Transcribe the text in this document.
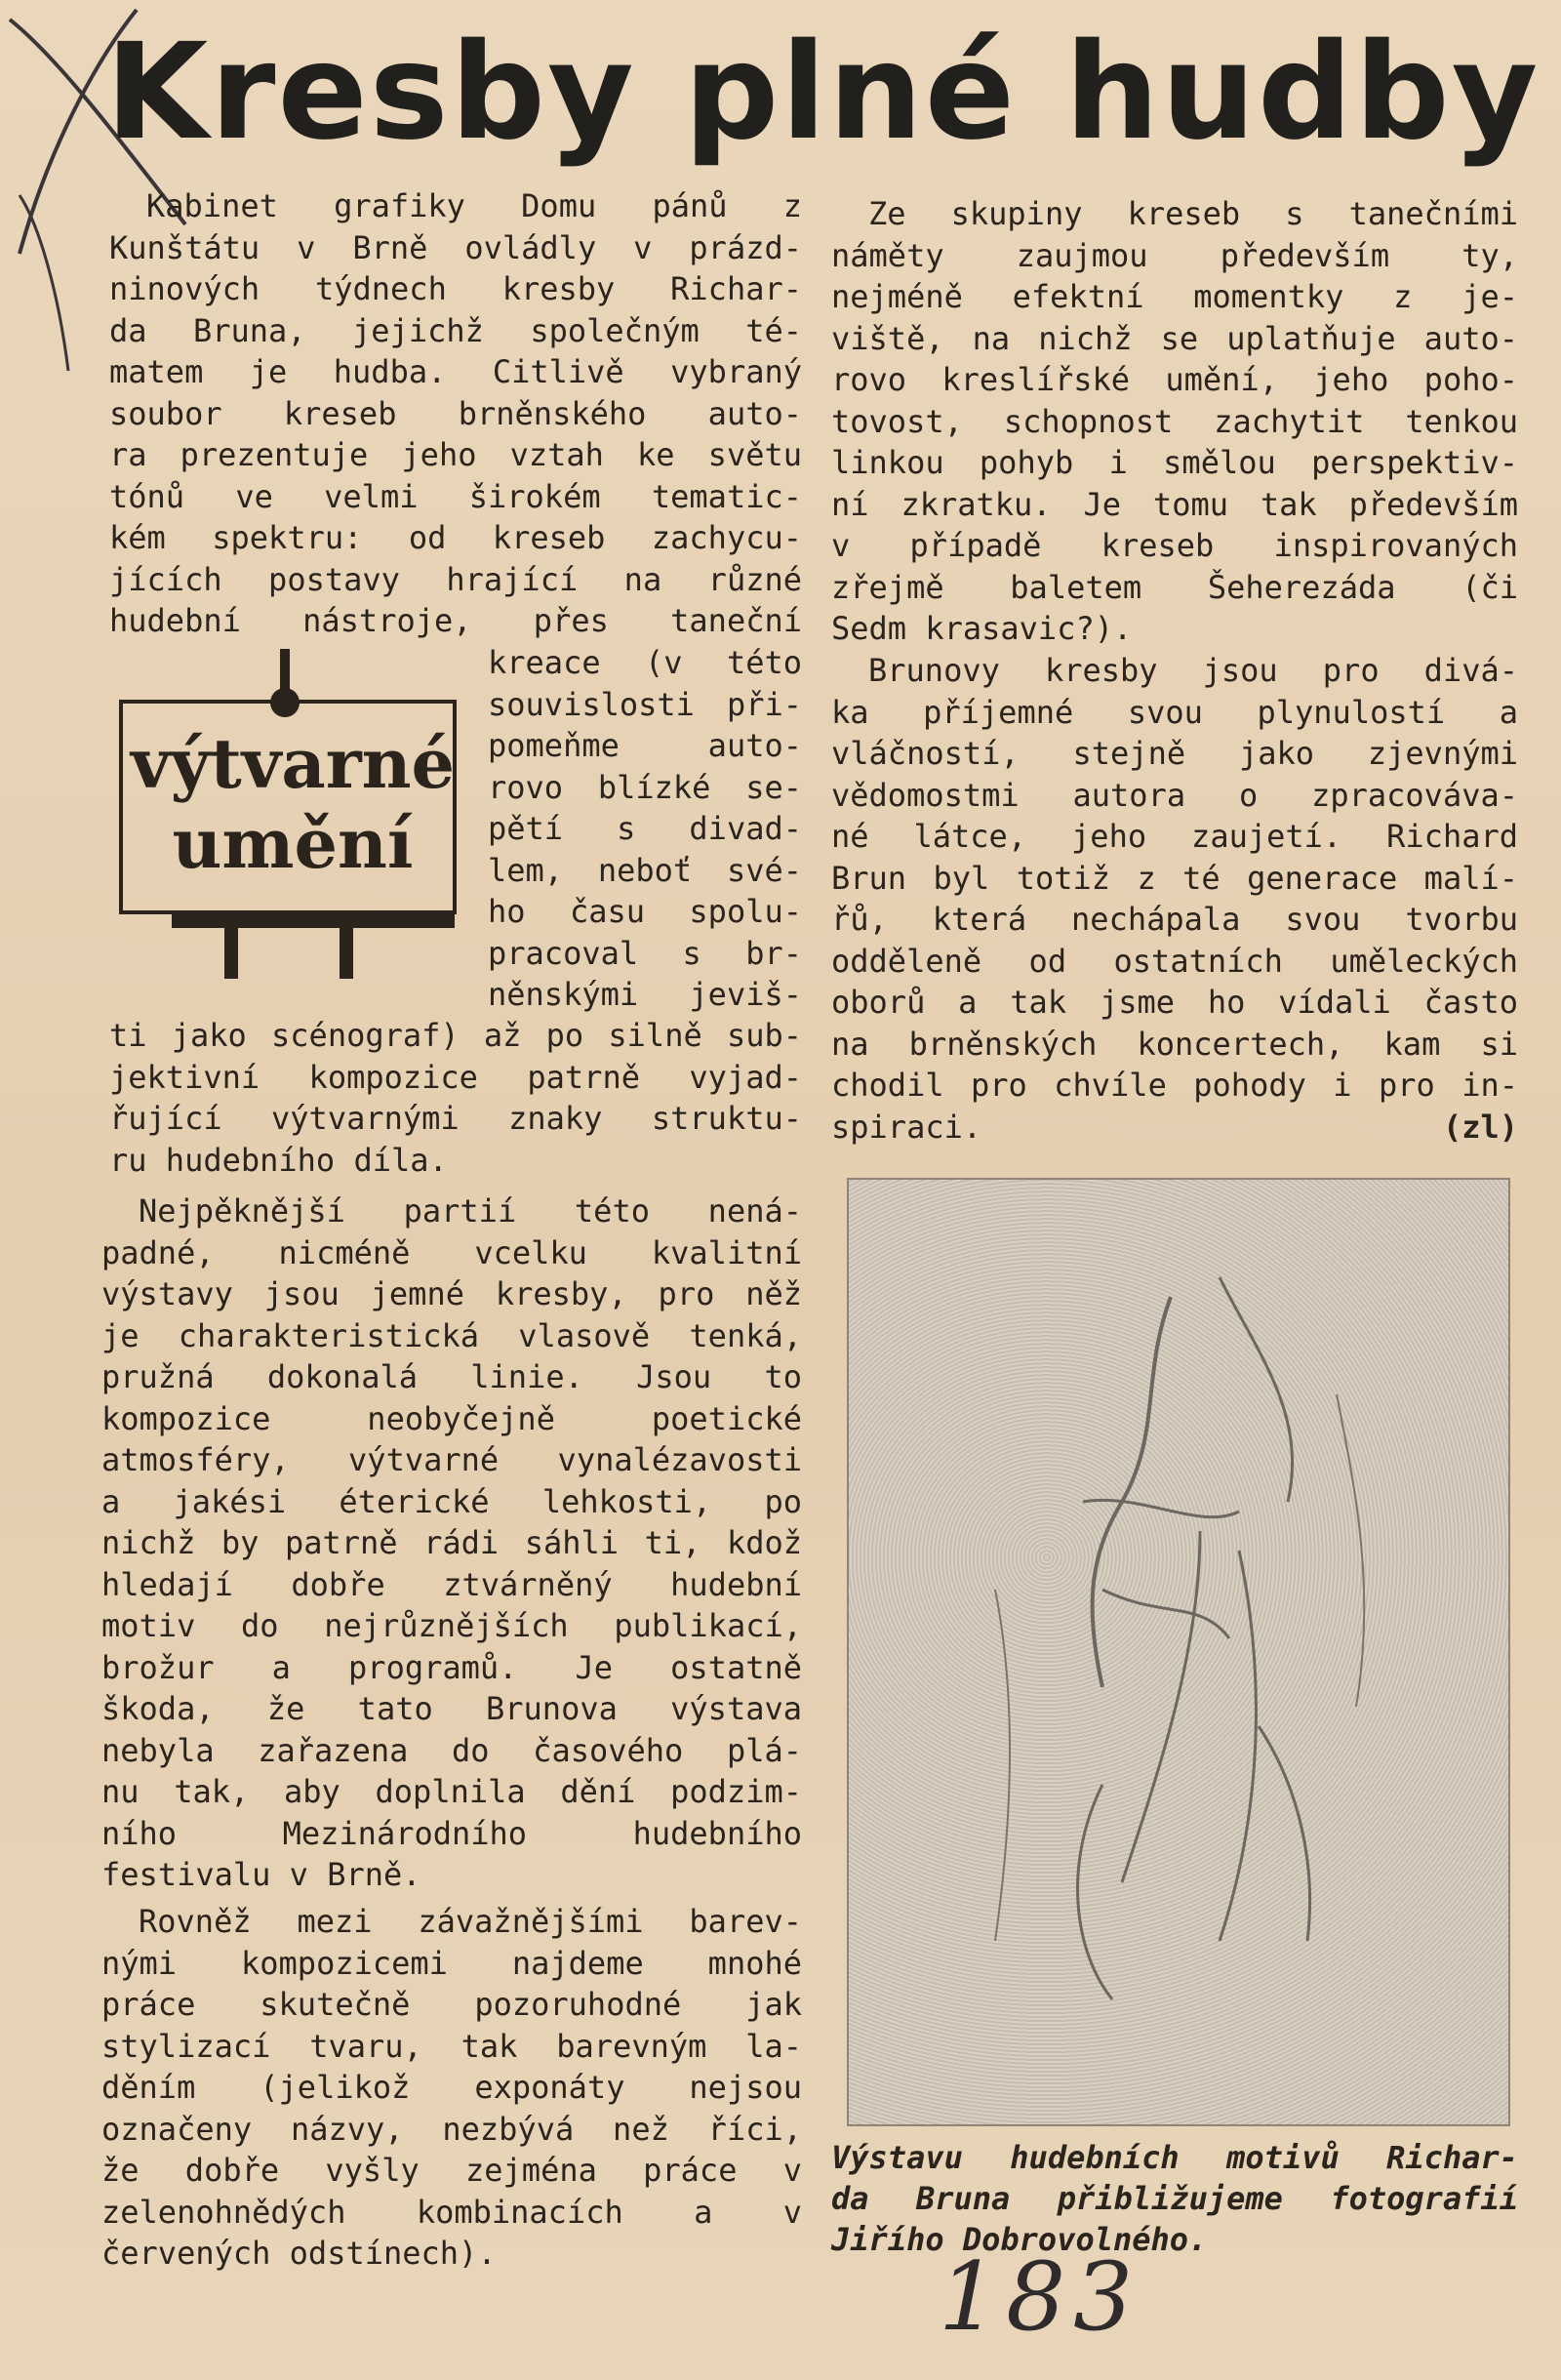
Kresby plné hudby

Kabinet grafiky Domu pánů z

Kunštátu v Brně ovládly v prázd-

ninových týdnech kresby Richar-

da Bruna, jejichž společným té-

matem je hudba. Citlivě vybraný

soubor kreseb brněnského auto-

ra prezentuje jeho vztah ke světu

tónů ve velmi širokém tematic-

kém spektru: od kreseb zachycu-

jících postavy hrající na různé

hudební nástroje, přes taneční

výtvarné
umění

kreace (v této

souvislosti při-

pomeňme auto-

rovo blízké se-

pětí s divad-

lem, neboť své-

ho času spolu-

pracoval s br-

něnskými jeviš-

ti jako scénograf) až po silně sub-

jektivní kompozice patrně vyjad-

řující výtvarnými znaky struktu-

ru hudebního díla.

Nejpěknější partií této nená-

padné, nicméně vcelku kvalitní

výstavy jsou jemné kresby, pro něž

je charakteristická vlasově tenká,

pružná dokonalá linie. Jsou to

kompozice neobyčejně poetické

atmosféry, výtvarné vynalézavosti

a jakési éterické lehkosti, po

nichž by patrně rádi sáhli ti, kdož

hledají dobře ztvárněný hudební

motiv do nejrůznějších publikací,

brožur a programů. Je ostatně

škoda, že tato Brunova výstava

nebyla zařazena do časového plá-

nu tak, aby doplnila dění podzim-

ního Mezinárodního hudebního

festivalu v Brně.

Rovněž mezi závažnějšími barev-

nými kompozicemi najdeme mnohé

práce skutečně pozoruhodné jak

stylizací tvaru, tak barevným la-

děním (jelikož exponáty nejsou

označeny názvy, nezbývá než říci,

že dobře vyšly zejména práce v

zelenohnědých kombinacích a v

červených odstínech).

Ze skupiny kreseb s tanečními

náměty zaujmou především ty,

nejméně efektní momentky z je-

viště, na nichž se uplatňuje auto-

rovo kreslířské umění, jeho poho-

tovost, schopnost zachytit tenkou

linkou pohyb i smělou perspektiv-

ní zkratku. Je tomu tak především

v případě kreseb inspirovaných

zřejmě baletem Šeherezáda (či

Sedm krasavic?).

Brunovy kresby jsou pro divá-

ka příjemné svou plynulostí a

vláčností, stejně jako zjevnými

vědomostmi autora o zpracováva-

né látce, jeho zaujetí. Richard

Brun byl totiž z té generace malí-

řů, která nechápala svou tvorbu

odděleně od ostatních uměleckých

oborů a tak jsme ho vídali často

na brněnských koncertech, kam si

chodil pro chvíle pohody i pro in-

spiraci.	(zl)

Výstavu hudebních motivů Richar-

da Bruna přibližujeme fotografií

Jiřího Dobrovolného.

183
